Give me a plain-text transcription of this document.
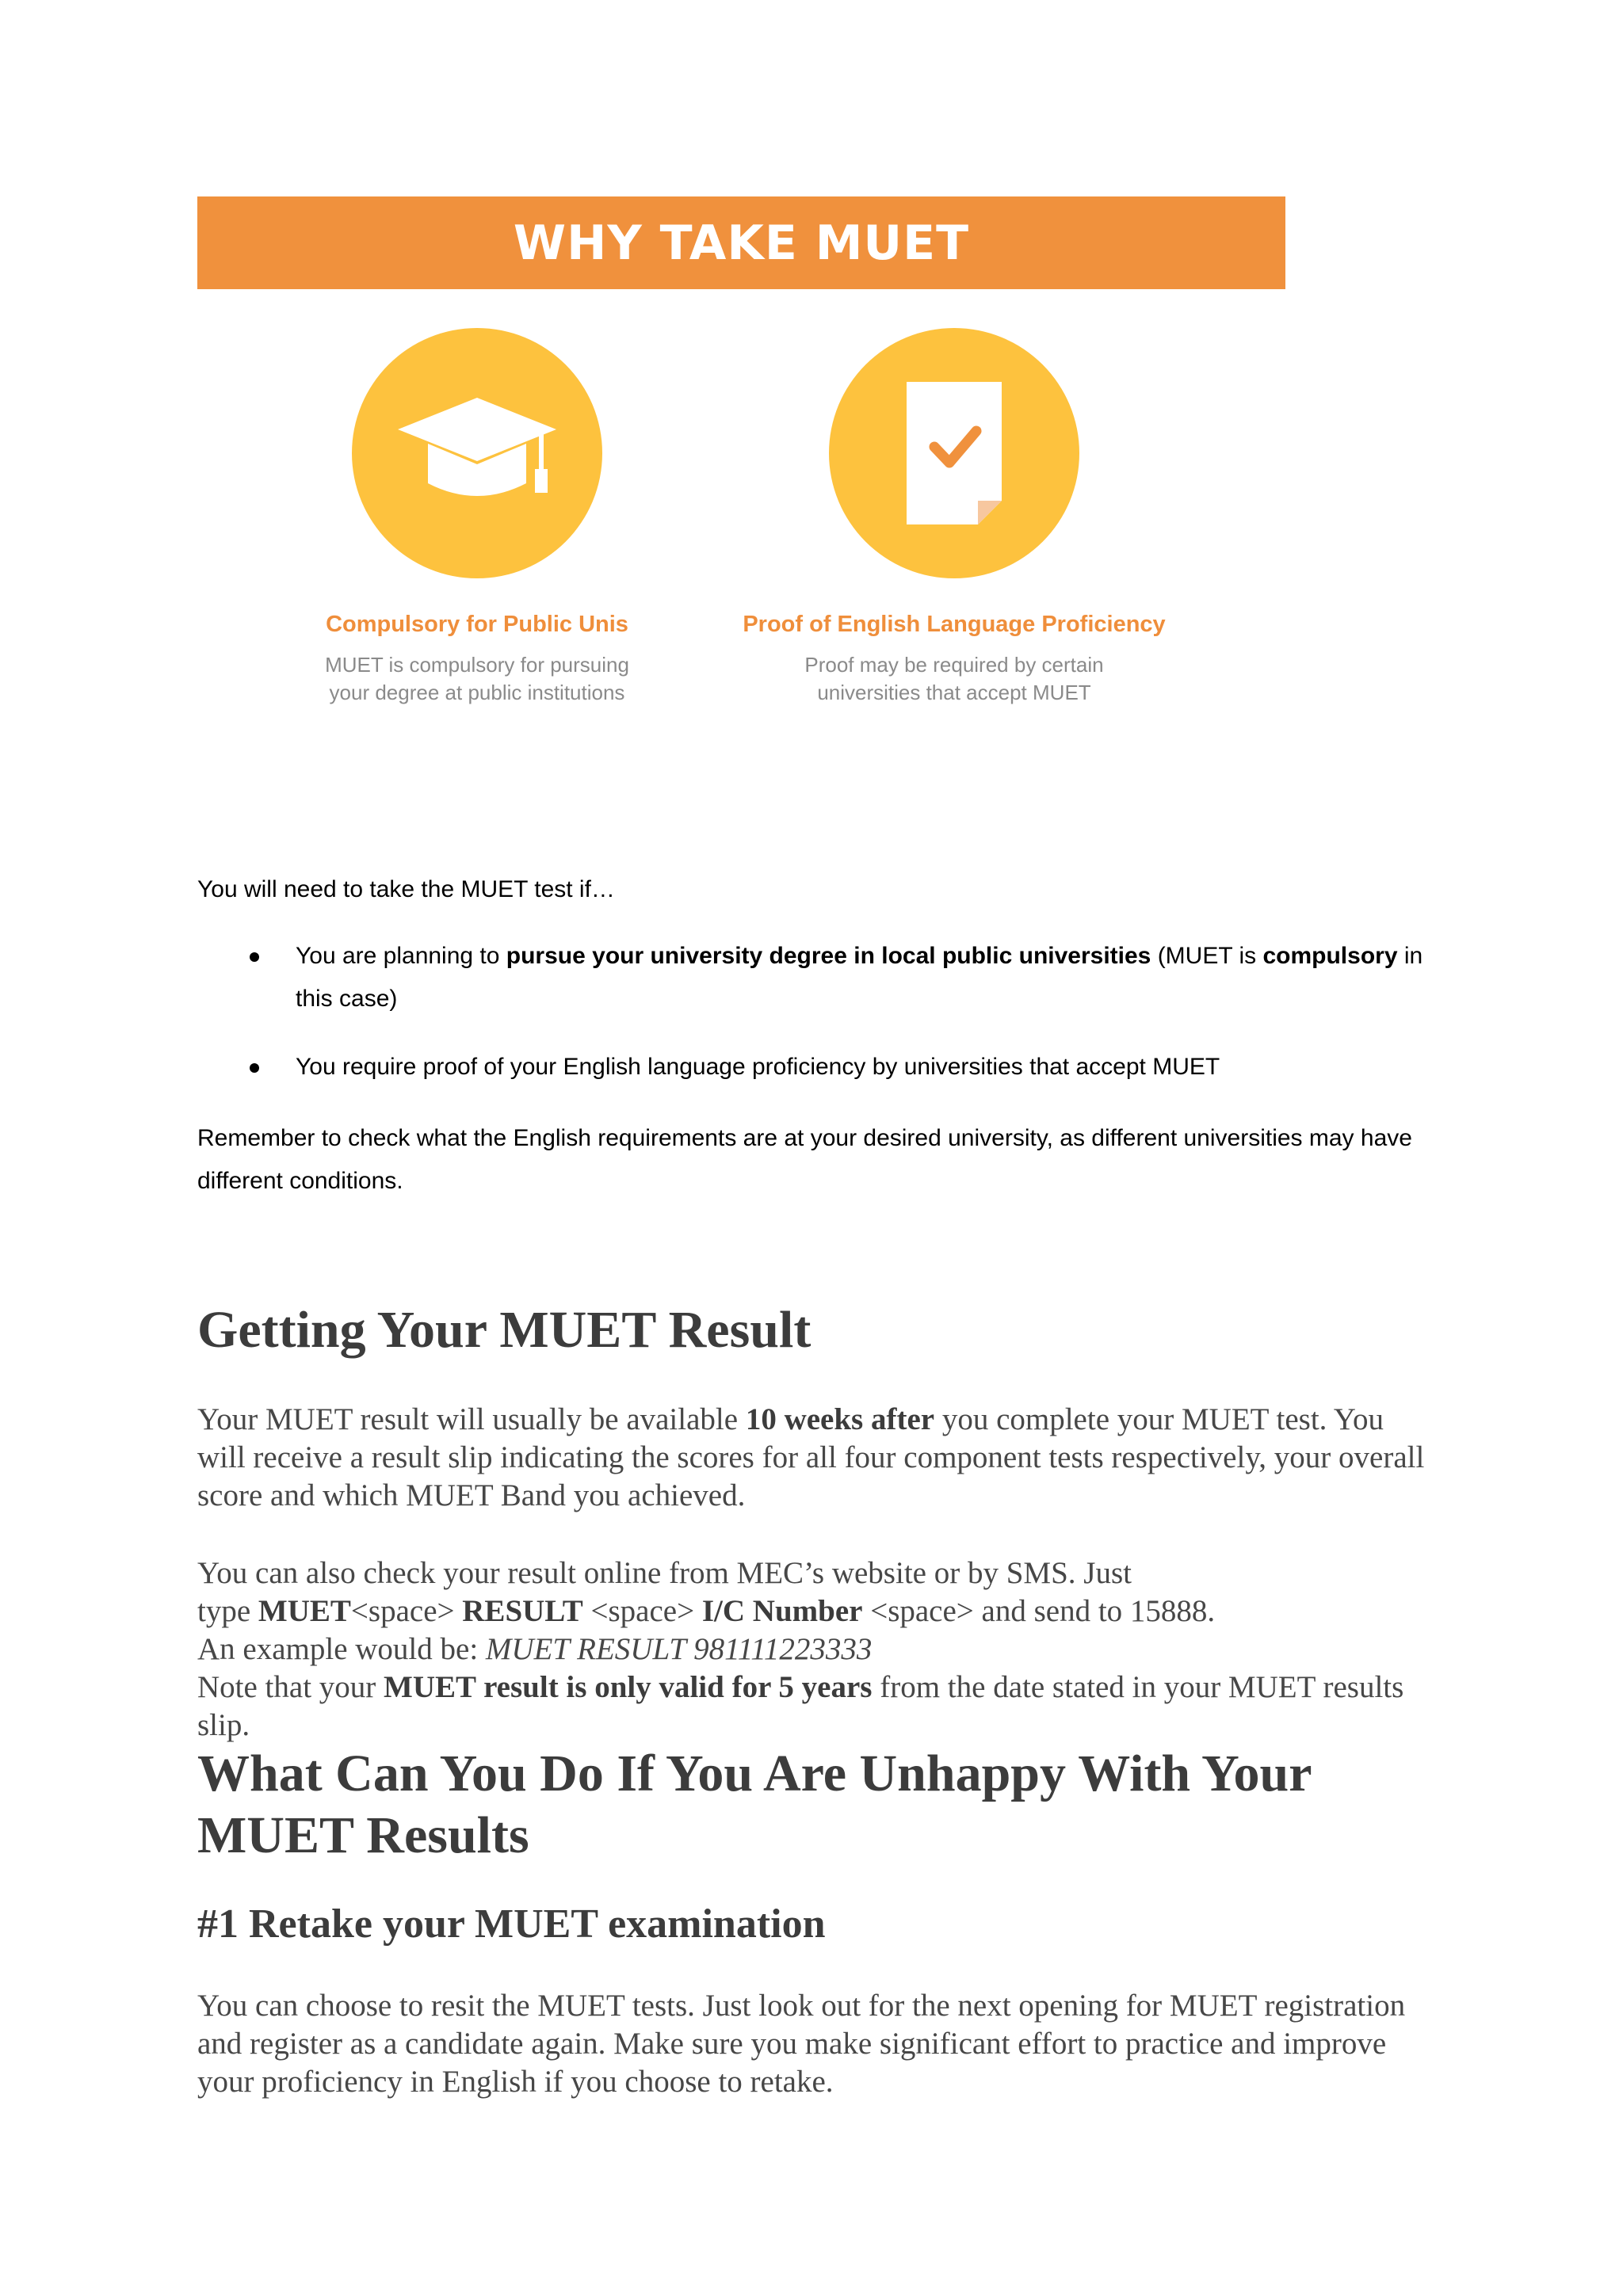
WHY TAKE MUET
Compulsory for Public Unis
MUET is compulsory for pursuing
your degree at public institutions
Proof of English Language Proficiency
Proof may be required by certain
universities that accept MUET

You will need to take the MUET test if…

You are planning to pursue your university degree in local public universities (MUET is compulsory in this case)
You require proof of your English language proficiency by universities that accept MUET

Remember to check what the English requirements are at your desired university, as different universities may have different conditions.

Getting Your MUET Result

Your MUET result will usually be available 10 weeks after you complete your MUET test. You will receive a result slip indicating the scores for all four component tests respectively, your overall score and which MUET Band you achieved.

You can also check your result online from MEC’s website or by SMS. Just
type MUET<space> RESULT <space> I/C Number <space> and send to 15888.
An example would be: MUET RESULT 981111223333
Note that your MUET result is only valid for 5 years from the date stated in your MUET results slip.
What Can You Do If You Are Unhappy With Your MUET Results
#1 Retake your MUET examination

You can choose to resit the MUET tests. Just look out for the next opening for MUET registration and register as a candidate again. Make sure you make significant effort to practice and improve your proficiency in English if you choose to retake.
